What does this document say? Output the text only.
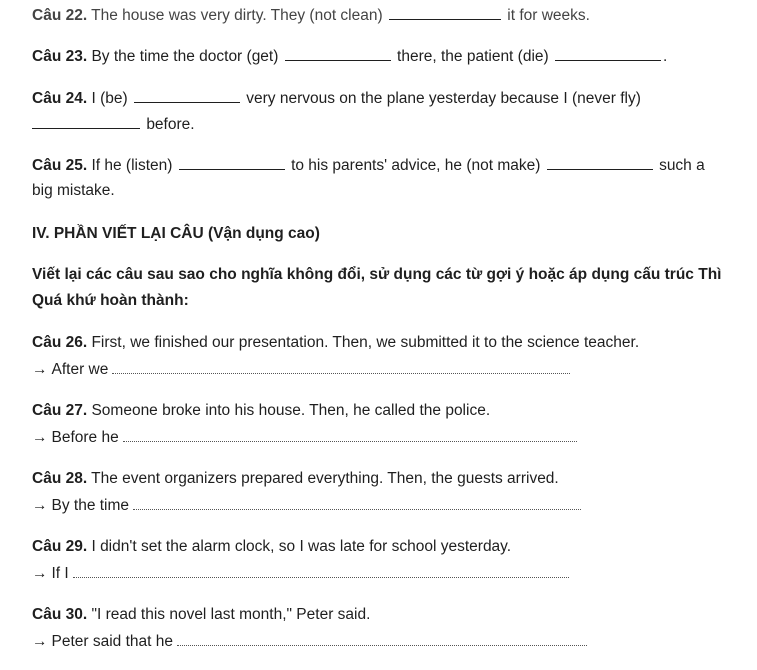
Câu 22. The house was very dirty. They (not clean)	it for weeks.
Câu 23. By the time the doctor (get)	there, the patient (die)	.
Câu 24. I (be)	very nervous on the plane yesterday because I (never fly)
before.
Câu 25. If he (listen)	to his parents' advice, he (not make)	such a
big mistake.
IV. PHẦN VIẾT LẠI CÂU (Vận dụng cao)
Viết lại các câu sau sao cho nghĩa không đổi, sử dụng các từ gợi ý hoặc áp dụng cấu trúc Thì
Quá khứ hoàn thành:
Câu 26. First, we finished our presentation. Then, we submitted it to the science teacher.
→ After we
Câu 27. Someone broke into his house. Then, he called the police.
→ Before he
Câu 28. The event organizers prepared everything. Then, the guests arrived.
→ By the time
Câu 29. I didn't set the alarm clock, so I was late for school yesterday.
→ If I
Câu 30. "I read this novel last month," Peter said.
→ Peter said that he
